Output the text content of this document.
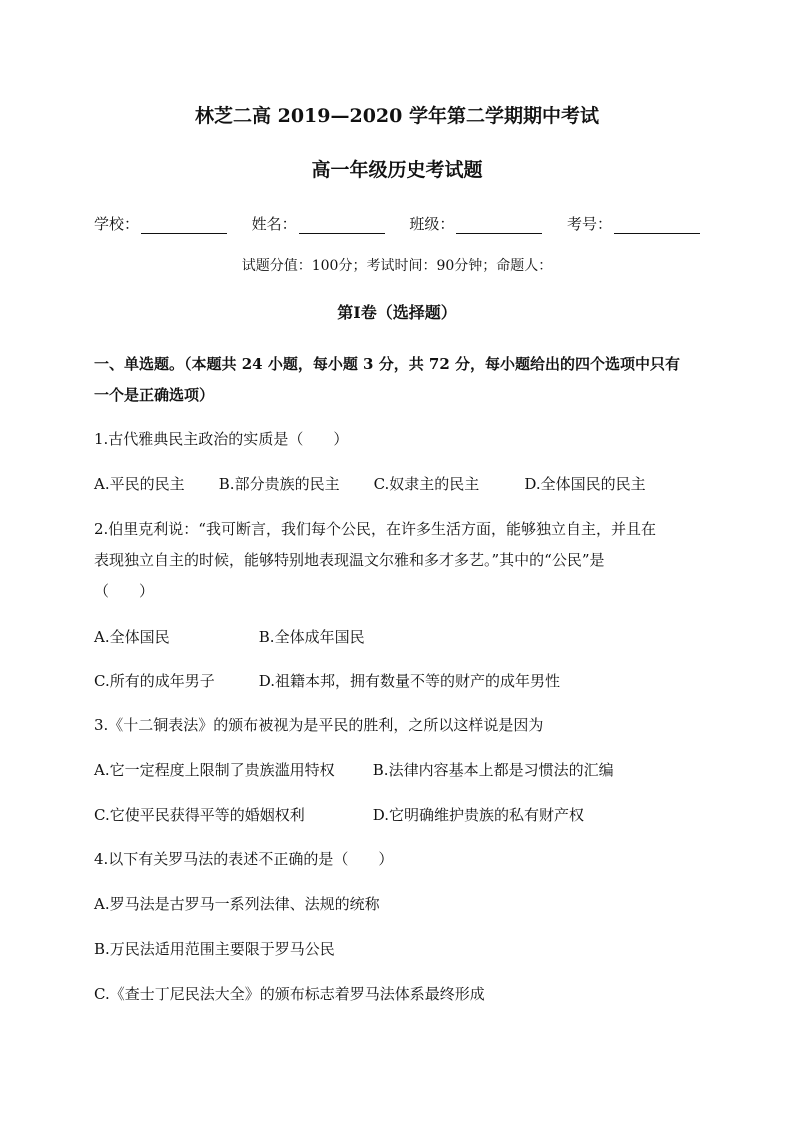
林芝二高 2019—2020 学年第二学期期中考试
高一年级历史考试题
学校：	姓名：	班级：	考号：
试题分值：100分；考试时间：90分钟；命题人：
第Ⅰ卷（选择题）
一、单选题。（本题共 24 小题，每小题 3 分，共 72 分，每小题给出的四个选项中只有
一个是正确选项）
1.古代雅典民主政治的实质是（　　）
A.平民的民主 B.部分贵族的民主 C.奴隶主的民主	D.全体国民的民主
2.伯里克利说：“我可断言，我们每个公民，在许多生活方面，能够独立自主，并且在
表现独立自主的时候，能够特别地表现温文尔雅和多才多艺。”其中的“公民”是
（　　）
A.全体国民	B.全体成年国民
C.所有的成年男子	D.祖籍本邦，拥有数量不等的财产的成年男性
3.《十二铜表法》的颁布被视为是平民的胜利，之所以这样说是因为
A.它一定程度上限制了贵族滥用特权	B.法律内容基本上都是习惯法的汇编
C.它使平民获得平等的婚姻权利	D.它明确维护贵族的私有财产权
4.以下有关罗马法的表述不正确的是（　　）
A.罗马法是古罗马一系列法律、法规的统称
B.万民法适用范围主要限于罗马公民
C.《查士丁尼民法大全》的颁布标志着罗马法体系最终形成
